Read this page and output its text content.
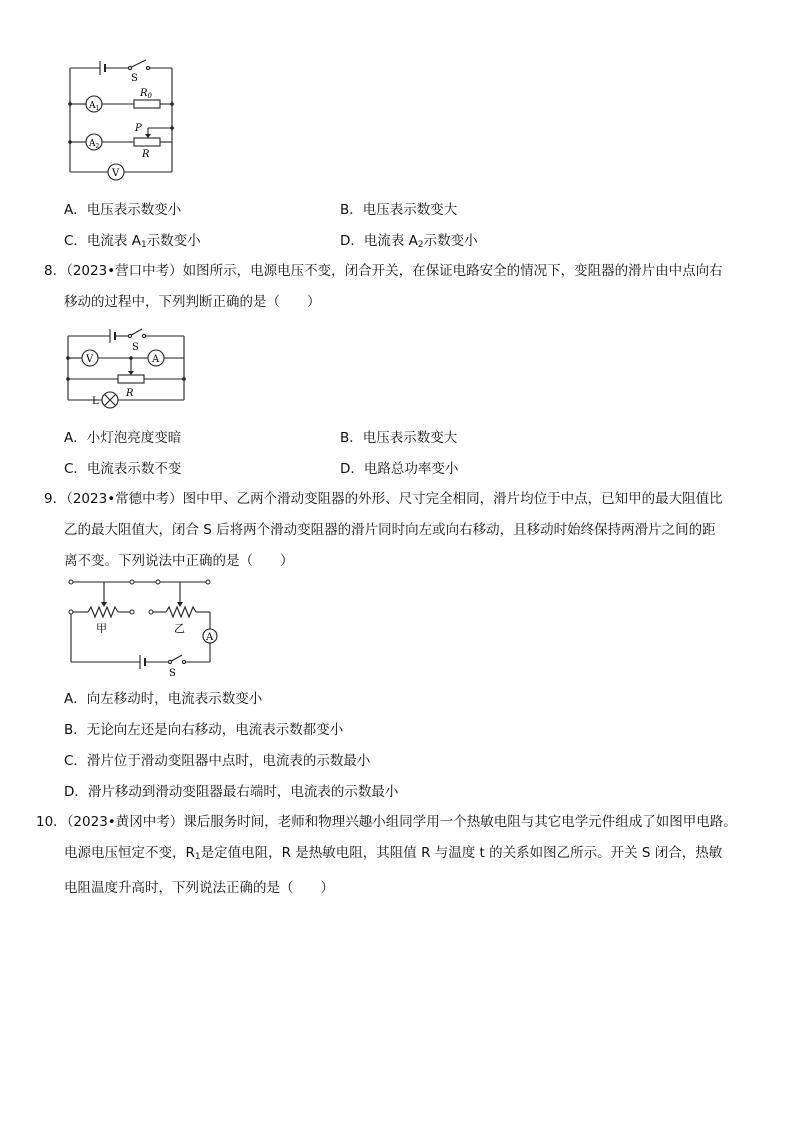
S
$A_1$
$A_2$
$R_0$
P
R
V
A．电压表示数变小	B．电压表示数变大
C．电流表 $A_1$示数变小	D．电流表 $A_2$示数变小
8．（2023•营口中考）如图所示，电源电压不变，闭合开关，在保证电路安全的情况下，变阻器的滑片由中点向右
移动的过程中，下列判断正确的是（　　）
V	A
S
L
R
A．小灯泡亮度变暗	B．电压表示数变大
C．电流表示数不变	D．电路总功率变小
9．（2023•常德中考）图中甲、乙两个滑动变阻器的外形、尺寸完全相同，滑片均位于中点，已知甲的最大阻值比
乙的最大阻值大，闭合 S 后将两个滑动变阻器的滑片同时向左或向右移动，且移动时始终保持两滑片之间的距
离不变。下列说法中正确的是（　　）
甲	乙
A
S
A．向左移动时，电流表示数变小
B．无论向左还是向右移动，电流表示数都变小
C．滑片位于滑动变阻器中点时，电流表的示数最小
D．滑片移动到滑动变阻器最右端时，电流表的示数最小
10．（2023•黄冈中考）课后服务时间，老师和物理兴趣小组同学用一个热敏电阻与其它电学元件组成了如图甲电路。
电源电压恒定不变，$R_1$是定值电阻，R 是热敏电阻，其阻值 R 与温度 t 的关系如图乙所示。开关 S 闭合，热敏
电阻温度升高时，下列说法正确的是（　　）
